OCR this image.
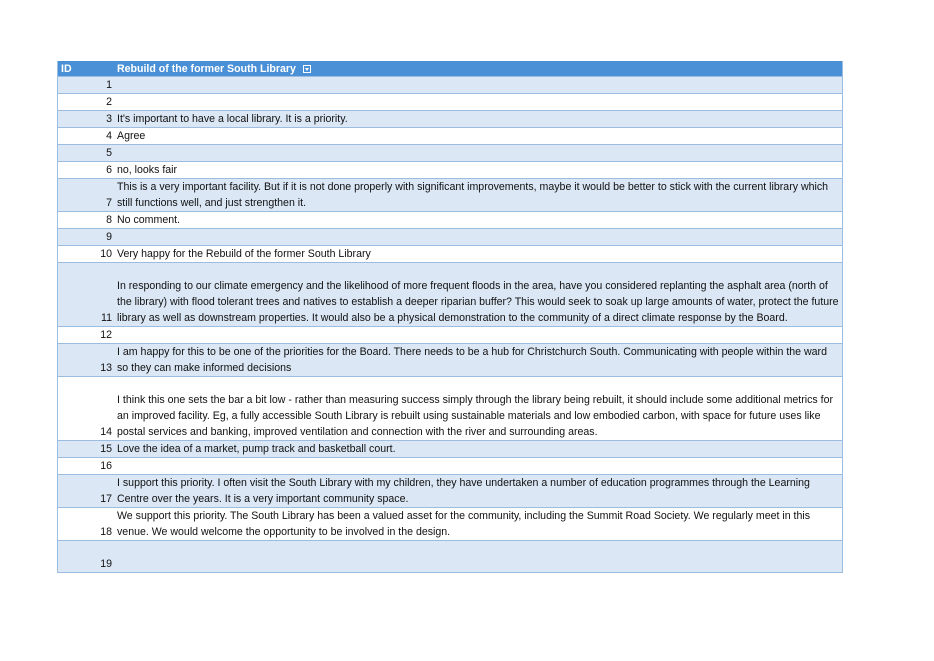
ID	Rebuild of the former South Library
1	
2	
3	It's important to have a local library. It is a priority.
4	Agree
5	
6	no, looks fair
7	This is a very important facility. But if it is not done properly with significant improvements, maybe it would be better to stick with the current library which still functions well, and just strengthen it.
8	No comment.
9	
10	Very happy for the Rebuild of the former South Library
11	In responding to our climate emergency and the likelihood of more frequent floods in the area, have you considered replanting the asphalt area (north of the library) with flood tolerant trees and natives to establish a deeper riparian buffer? This would seek to soak up large amounts of water, protect the future library as well as downstream properties. It would also be a physical demonstration to the community of a direct climate response by the Board.
12	
13	I am happy for this to be one of the priorities for the Board. There needs to be a hub for Christchurch South. Communicating with people within the ward so they can make informed decisions
14	I think this one sets the bar a bit low - rather than measuring success simply through the library being rebuilt, it should include some additional metrics for an improved facility. Eg, a fully accessible South Library is rebuilt using sustainable materials and low embodied carbon, with space for future uses like postal services and banking, improved ventilation and connection with the river and surrounding areas.
15	Love the idea of a market, pump track and basketball court.
16	
17	I support this priority. I often visit the South Library with my children, they have undertaken a number of education programmes through the Learning Centre over the years. It is a very important community space.
18	We support this priority. The South Library has been a valued asset for the community, including the Summit Road Society. We regularly meet in this venue. We would welcome the opportunity to be involved in the design.
19	
